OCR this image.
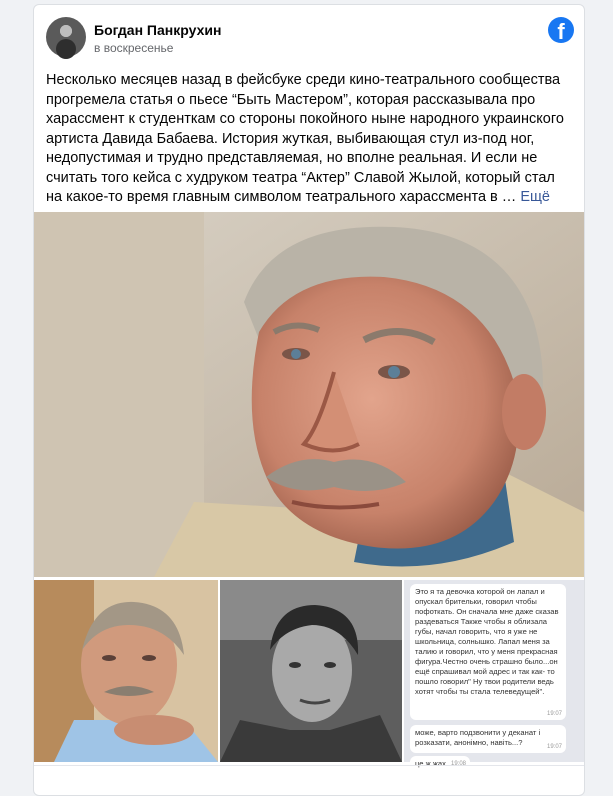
Богдан Панкрухин
в воскресенье
f
Несколько месяцев назад в фейсбуке среди кино-театрального сообщества прогремела статья о пьесе “Быть Мастером”, которая рассказывала про харассмент к студенткам со стороны покойного ныне народного украинского артиста Давида Бабаева. История жуткая, выбивающая стул из-под ног, недопустимая и трудно представляемая, но вполне реальная. И если не считать того кейса с худруком театра “Актер” Славой Жылой, который стал на какое-то время главным символом театрального харассмента в … Ещё
Это я та девочка которой он лапал и опускал брительки, говорил чтобы пофоткать. Он сначала мне даже сказав раздеваться Также чтобы я облизала губы, начал говорить, что я уже не школьница, солнышко. Лапал меня за талию и говорил, что у меня прекрасная фигура.Честно очень страшно было...он ещё спрашивал мой адрес и так как- то пошло говорил" Ну твои родители ведь хотят чтобы ты стала телеведущей".
19:07
може, варто подзвонити у деканат і розказати, анонімно, навіть...?	19:07
це ж жах 19:08
